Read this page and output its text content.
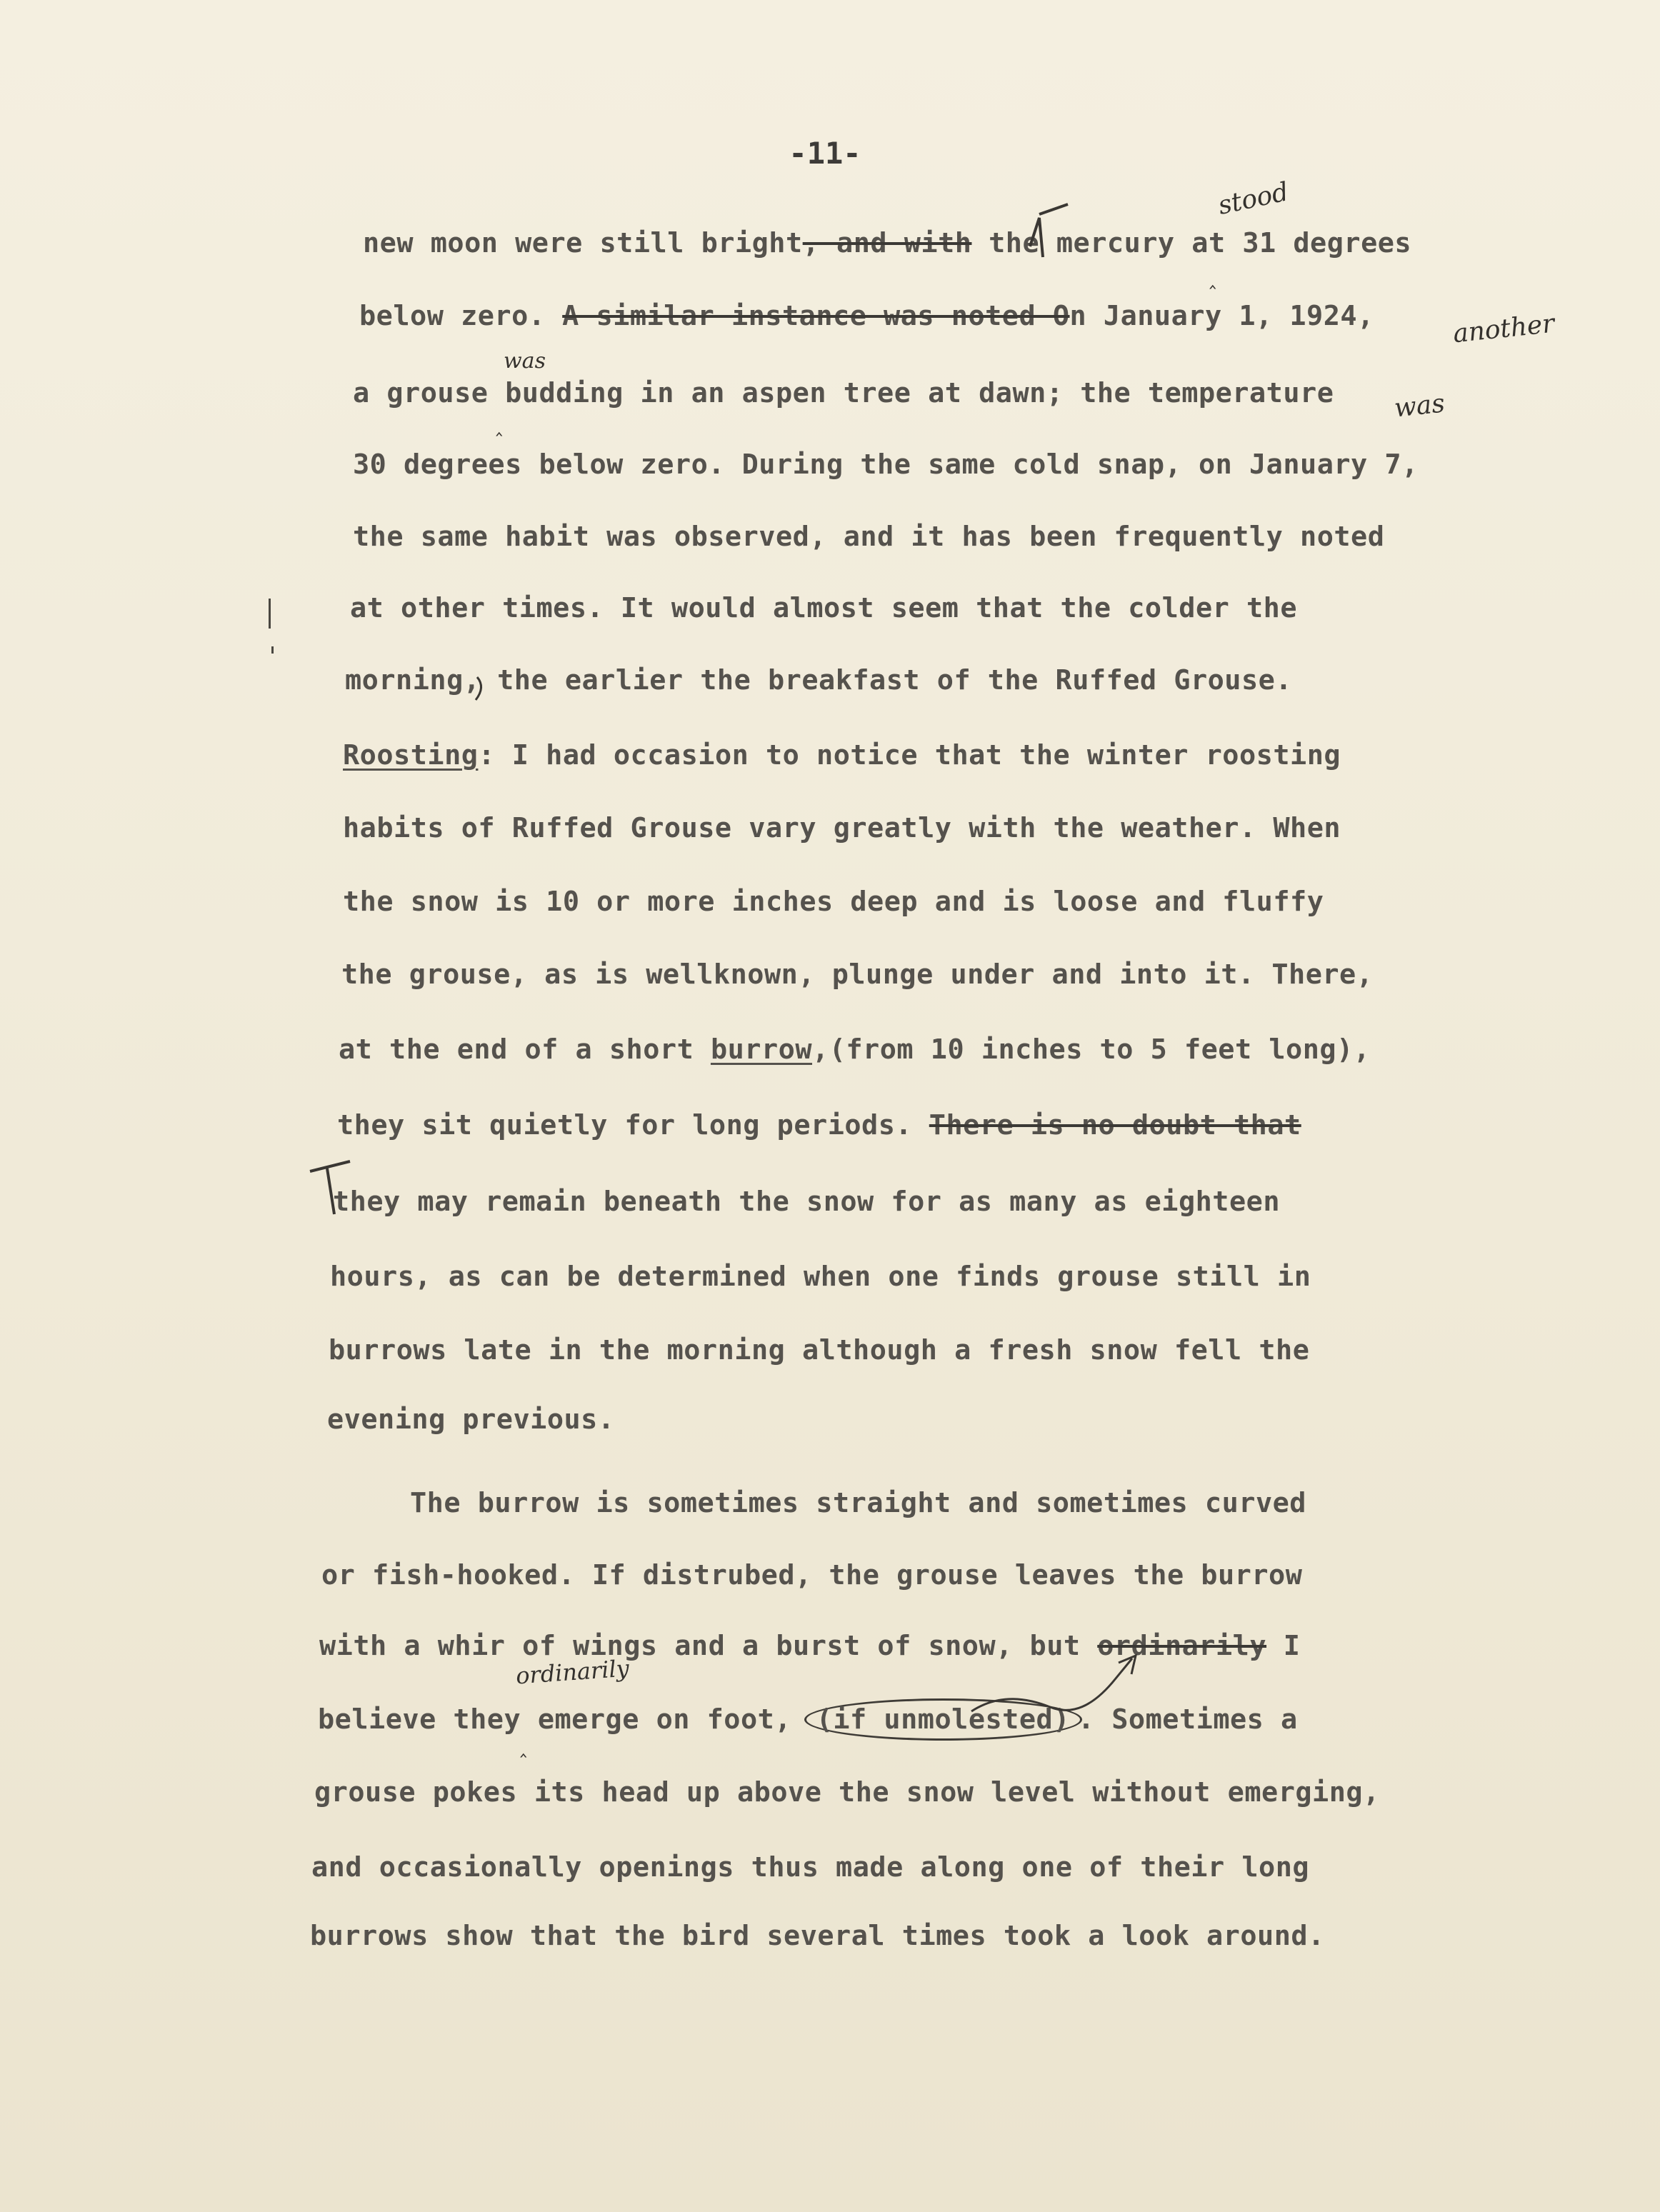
-11-
new moon were still bright, and with the mercury at 31 degrees
stood
‸
below zero. A similar instance was noted On January 1, 1924,	another
was
a grouse budding in an aspen tree at dawn; the temperature
‸
was
30 degrees below zero. During the same cold snap, on January 7,
the same habit was observed, and it has been frequently noted
at other times. It would almost seem that the colder the
morning, the earlier the breakfast of the Ruffed Grouse.
Roosting: I had occasion to notice that the winter roosting
habits of Ruffed Grouse vary greatly with the weather. When
the snow is 10 or more inches deep and is loose and fluffy
the grouse, as is wellknown, plunge under and into it. There,
at the end of a short burrow,(from 10 inches to 5 feet long),
they sit quietly for long periods. There is no doubt that
they may remain beneath the snow for as many as eighteen
hours, as can be determined when one finds grouse still in
burrows late in the morning although a fresh snow fell the
evening previous.
The burrow is sometimes straight and sometimes curved
or fish-hooked. If distrubed, the grouse leaves the burrow
with a whir of wings and a burst of snow, but ordinarily I
ordinarily
believe they emerge on foot, (if unmolested) . Sometimes a
‸
grouse pokes its head up above the snow level without emerging,
and occasionally openings thus made along one of their long
burrows show that the bird several times took a look around.
